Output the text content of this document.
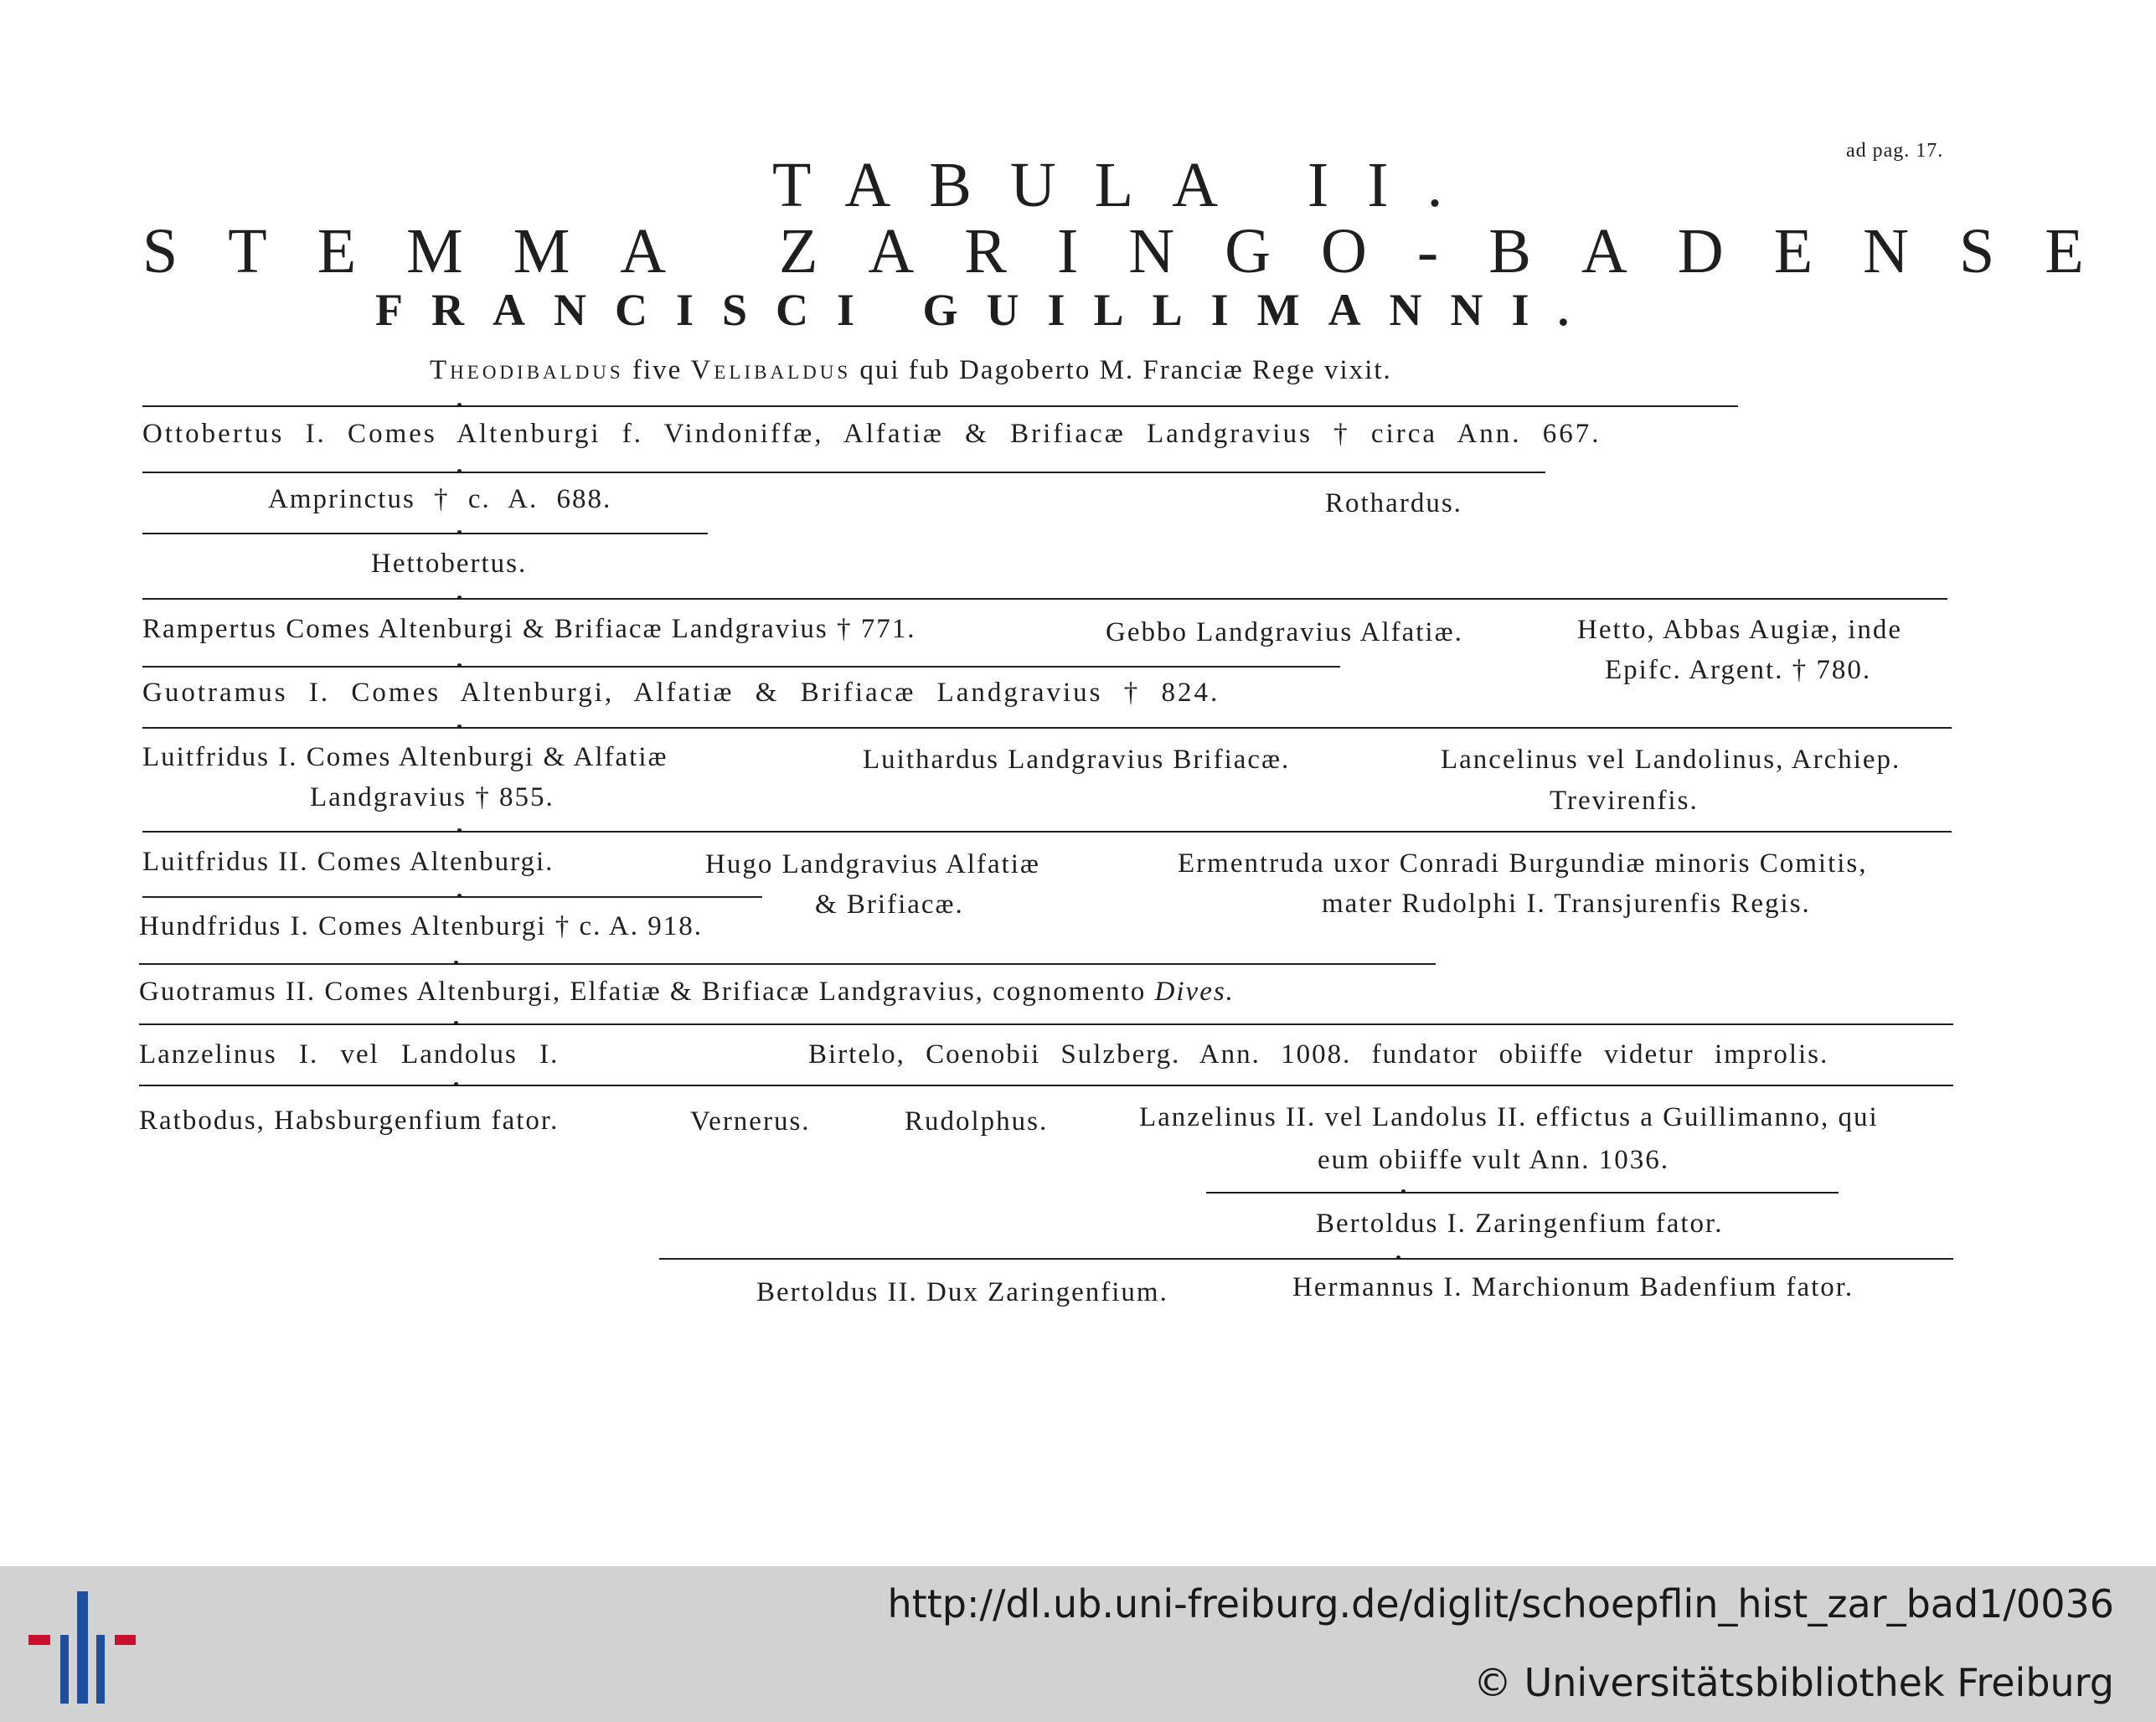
ad pag. 17.
TABULA II.
STEMMA ZARINGO-BADENSE
FRANCISCI GUILLIMANNI.
Theodibaldus five Velibaldus qui fub Dagoberto M. Franciæ Rege vixit.
Ottobertus I. Comes Altenburgi f. Vindoniffæ, Alfatiæ & Brifiacæ Landgravius † circa Ann. 667.
Amprinctus † c. A. 688.	Rothardus.
Hettobertus.
Rampertus Comes Altenburgi & Brifiacæ Landgravius † 771.	Gebbo Landgravius Alfatiæ.	Hetto, Abbas Augiæ, inde
Epifc. Argent. † 780.
Guotramus I. Comes Altenburgi, Alfatiæ & Brifiacæ Landgravius † 824.
Luitfridus I. Comes Altenburgi & Alfatiæ
Landgravius † 855.
Luithardus Landgravius Brifiacæ.	Lancelinus vel Landolinus, Archiep.
Trevirenfis.
Luitfridus II. Comes Altenburgi.	Hugo Landgravius Alfatiæ
& Brifiacæ.
Ermentruda uxor Conradi Burgundiæ minoris Comitis,
mater Rudolphi I. Transjurenfis Regis.
Hundfridus I. Comes Altenburgi † c. A. 918.
Guotramus II. Comes Altenburgi, Elfatiæ & Brifiacæ Landgravius, cognomento Dives.
Lanzelinus I. vel Landolus I.	Birtelo, Coenobii Sulzberg. Ann. 1008. fundator obiiffe videtur improlis.
Ratbodus, Habsburgenfium fator.	Vernerus.	Rudolphus.	Lanzelinus II. vel Landolus II. effictus a Guillimanno, qui
eum obiiffe vult Ann. 1036.
Bertoldus I. Zaringenfium fator.
Bertoldus II. Dux Zaringenfium.	Hermannus I. Marchionum Badenfium fator.
http://dl.ub.uni-freiburg.de/diglit/schoepflin_hist_zar_bad1/0036
© Universitätsbibliothek Freiburg
